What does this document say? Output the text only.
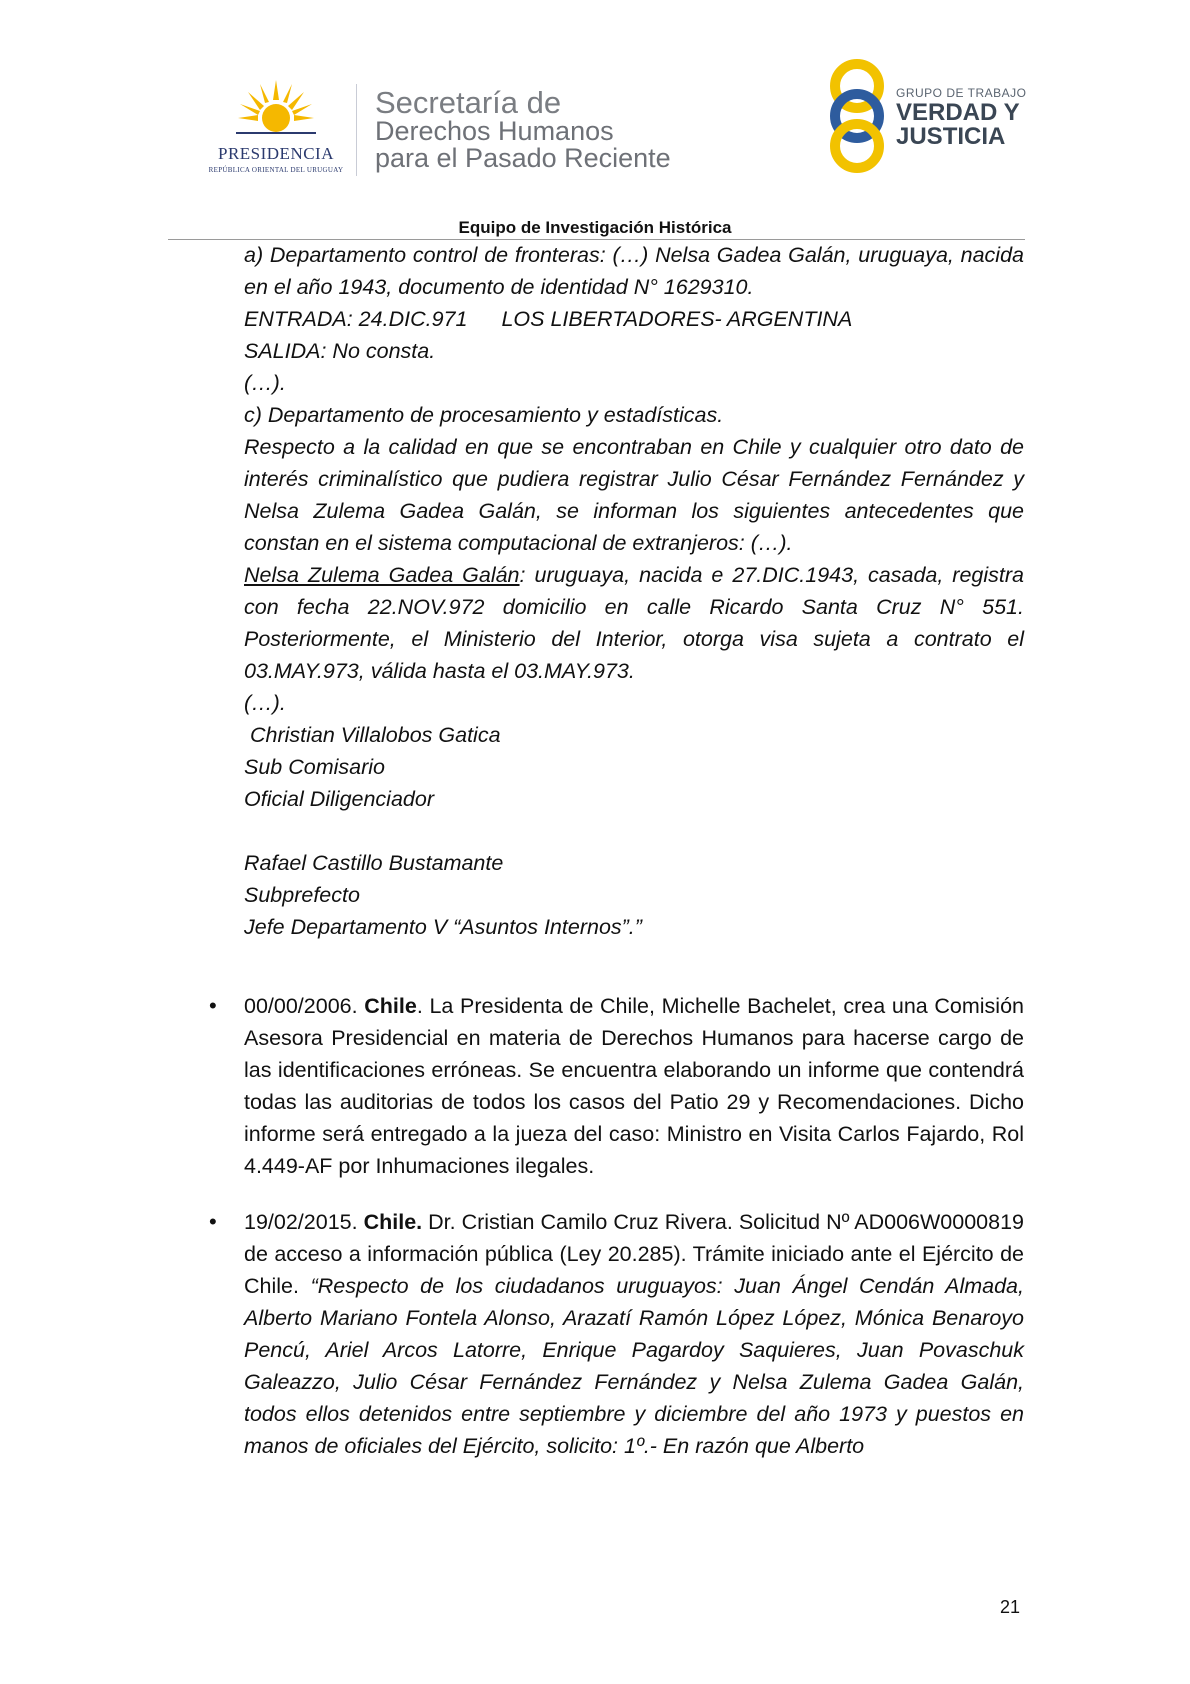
PRESIDENCIA
REPÚBLICA ORIENTAL DEL URUGUAY
Secretaría de
Derechos Humanos
para el Pasado Reciente
GRUPO DE TRABAJO
VERDAD Y
JUSTICIA
Equipo de Investigación Histórica

a) Departamento control de fronteras: (…) Nelsa Gadea Galán, uruguaya, nacida en el año 1943, documento de identidad N° 1629310.

ENTRADA: 24.DIC.971 LOS LIBERTADORES- ARGENTINA

SALIDA: No consta.

(…).

c) Departamento de procesamiento y estadísticas.

Respecto a la calidad en que se encontraban en Chile y cualquier otro dato de interés criminalístico que pudiera registrar Julio César Fernández Fernández y Nelsa Zulema Gadea Galán, se informan los siguientes antecedentes que constan en el sistema computacional de extranjeros: (…).

Nelsa Zulema Gadea Galán: uruguaya, nacida e 27.DIC.1943, casada, registra con fecha 22.NOV.972 domicilio en calle Ricardo Santa Cruz N° 551. Posteriormente, el Ministerio del Interior, otorga visa sujeta a contrato el 03.MAY.973, válida hasta el 03.MAY.973.

(…).

Christian Villalobos Gatica

Sub Comisario

Oficial Diligenciador

Rafael Castillo Bustamante

Subprefecto

Jefe Departamento V “Asuntos Internos”.”

• 00/00/2006. Chile. La Presidenta de Chile, Michelle Bachelet, crea una Comisión Asesora Presidencial en materia de Derechos Humanos para hacerse cargo de las identificaciones erróneas. Se encuentra elaborando un informe que contendrá todas las auditorias de todos los casos del Patio 29 y Recomendaciones. Dicho informe será entregado a la jueza del caso: Ministro en Visita Carlos Fajardo, Rol 4.449-AF por Inhumaciones ilegales.

• 19/02/2015. Chile. Dr. Cristian Camilo Cruz Rivera. Solicitud Nº AD006W0000819 de acceso a información pública (Ley 20.285). Trámite iniciado ante el Ejército de Chile. “Respecto de los ciudadanos uruguayos: Juan Ángel Cendán Almada, Alberto Mariano Fontela Alonso, Arazatí Ramón López López, Mónica Benaroyo Pencú, Ariel Arcos Latorre, Enrique Pagardoy Saquieres, Juan Povaschuk Galeazzo, Julio César Fernández Fernández y Nelsa Zulema Gadea Galán, todos ellos detenidos entre septiembre y diciembre del año 1973 y puestos en manos de oficiales del Ejército, solicito: 1º.- En razón que Alberto

21
